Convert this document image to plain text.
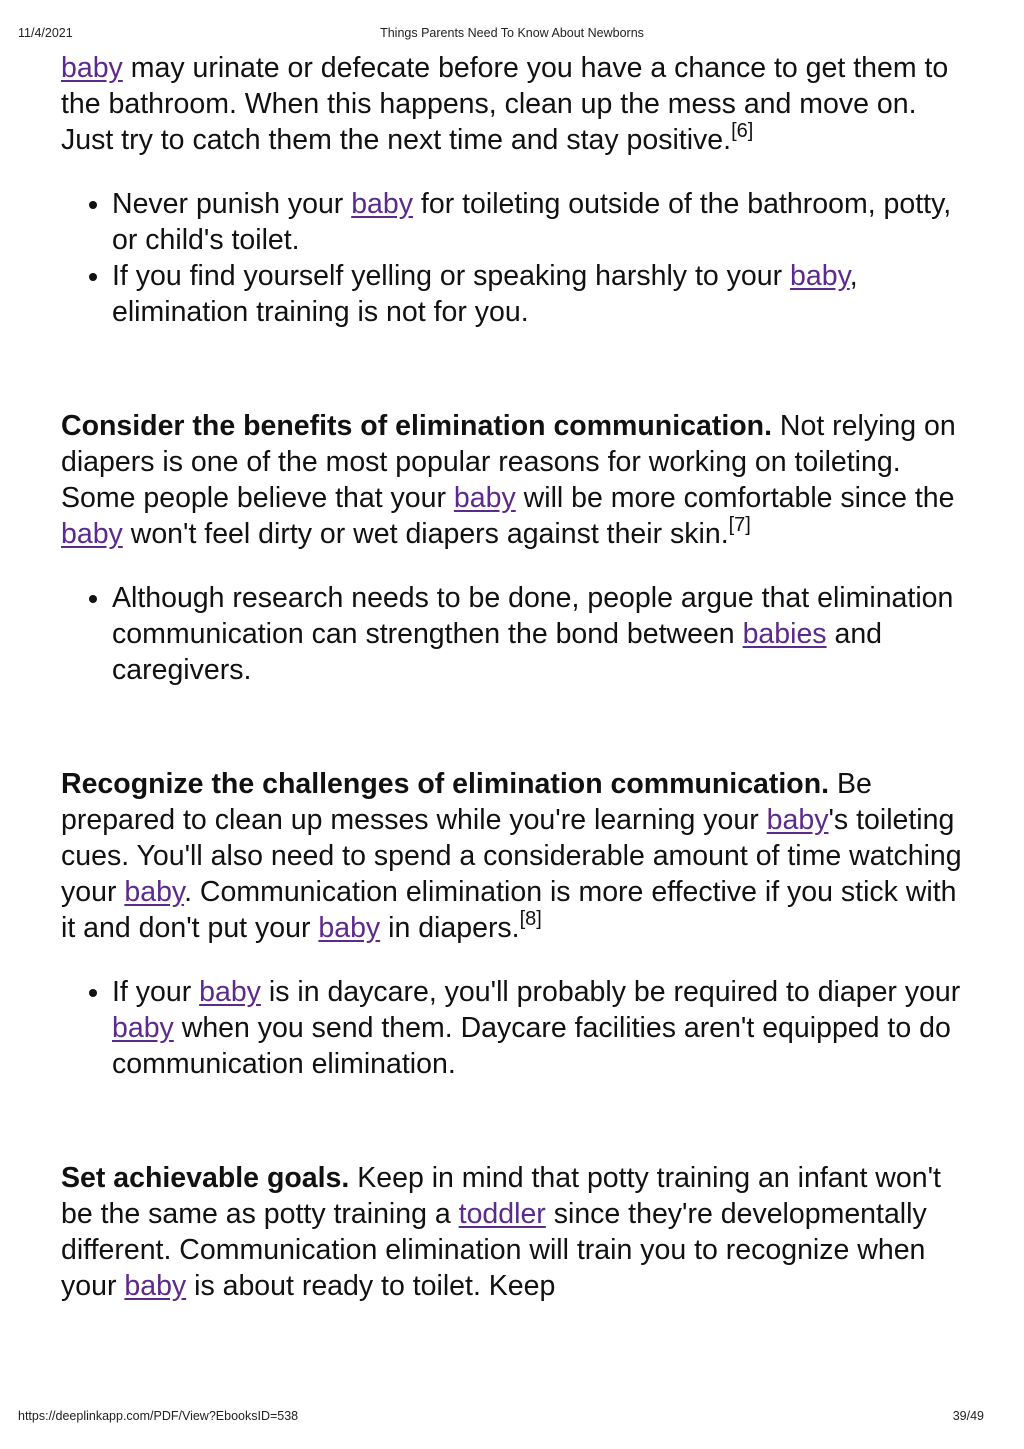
11/4/2021	Things Parents Need To Know About Newborns

baby may urinate or defecate before you have a chance to get them to the bathroom. When this happens, clean up the mess and move on. Just try to catch them the next time and stay positive.[6]

• Never punish your baby for toileting outside of the bathroom, potty, or child's toilet.
• If you find yourself yelling or speaking harshly to your baby, elimination training is not for you.

Consider the benefits of elimination communication. Not relying on diapers is one of the most popular reasons for working on toileting. Some people believe that your baby will be more comfortable since the baby won't feel dirty or wet diapers against their skin.[7]

• Although research needs to be done, people argue that elimination communication can strengthen the bond between babies and caregivers.

Recognize the challenges of elimination communication. Be prepared to clean up messes while you're learning your baby's toileting cues. You'll also need to spend a considerable amount of time watching your baby. Communication elimination is more effective if you stick with it and don't put your baby in diapers.[8]

• If your baby is in daycare, you'll probably be required to diaper your baby when you send them. Daycare facilities aren't equipped to do communication elimination.

Set achievable goals. Keep in mind that potty training an infant won't be the same as potty training a toddler since they're developmentally different. Communication elimination will train you to recognize when your baby is about ready to toilet. Keep

https://deeplinkapp.com/PDF/View?EbooksID=538	39/49
